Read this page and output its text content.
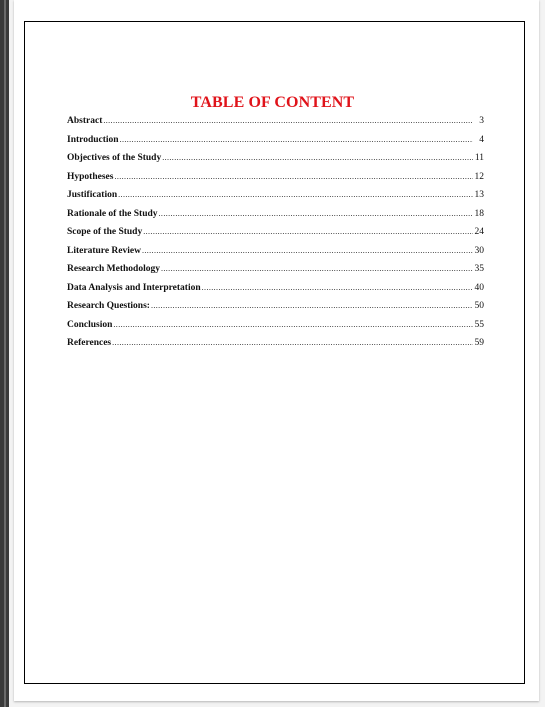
TABLE OF CONTENT
Abstract .....	3
Introduction .....	4
Objectives of the Study .....	11
Hypotheses .....	12
Justification .....	13
Rationale of the Study .....	18
Scope of the Study .....	24
Literature Review .....	30
Research Methodology .....	35
Data Analysis and Interpretation .....	40
Research Questions: .....	50
Conclusion .....	55
References .....	59
